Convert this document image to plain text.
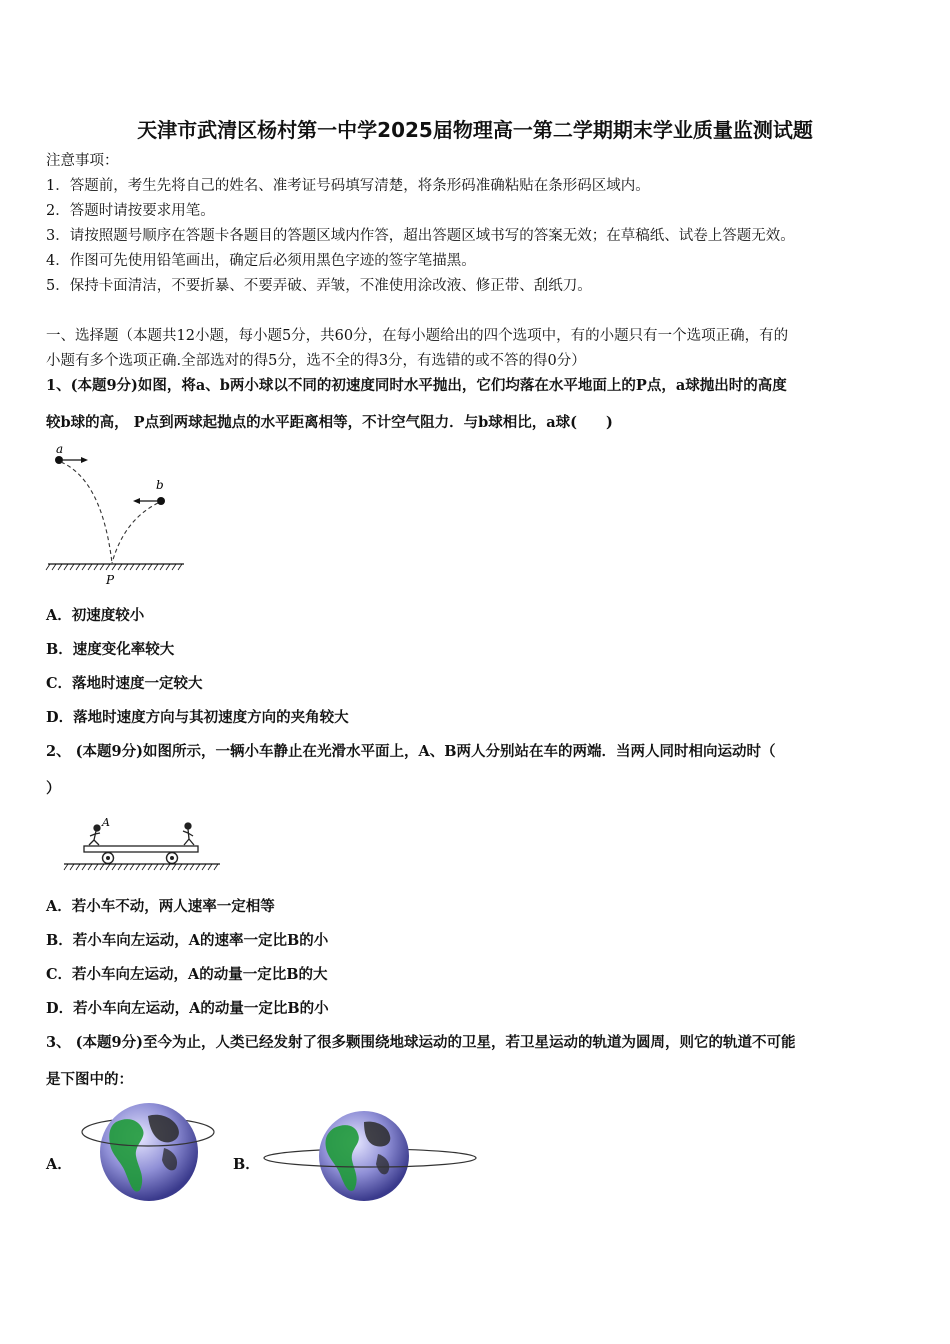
天津市武清区杨村第一中学2025届物理高一第二学期期末学业质量监测试题
注意事项：
1．答题前，考生先将自己的姓名、准考证号码填写清楚，将条形码准确粘贴在条形码区域内。
2．答题时请按要求用笔。
3．请按照题号顺序在答题卡各题目的答题区域内作答，超出答题区域书写的答案无效；在草稿纸、试卷上答题无效。
4．作图可先使用铅笔画出，确定后必须用黑色字迹的签字笔描黑。
5．保持卡面清洁，不要折暴、不要弄破、弄皱，不准使用涂改液、修正带、刮纸刀。
一、选择题（本题共12小题，每小题5分，共60分，在每小题给出的四个选项中，有的小题只有一个选项正确，有的
小题有多个选项正确.全部选对的得5分，选不全的得3分，有选错的或不答的得0分）
1、(本题9分)如图，将a、b两小球以不同的初速度同时水平抛出，它们均落在水平地面上的P点，a球抛出时的高度
较b球的高， P点到两球起抛点的水平距离相等，不计空气阻力．与b球相比，a球(　　)
a
b
P
A．初速度较小
B．速度变化率较大
C．落地时速度一定较大
D．落地时速度方向与其初速度方向的夹角较大
2、 (本题9分)如图所示，一辆小车静止在光滑水平面上，A、B两人分别站在车的两端．当两人同时相向运动时（
）
A
A．若小车不动，两人速率一定相等
B．若小车向左运动，A的速率一定比B的小
C．若小车向左运动，A的动量一定比B的大
D．若小车向左运动，A的动量一定比B的小
3、 (本题9分)至今为止，人类已经发射了很多颗围绕地球运动的卫星，若卫星运动的轨道为圆周，则它的轨道不可能
是下图中的：
A．	B．
